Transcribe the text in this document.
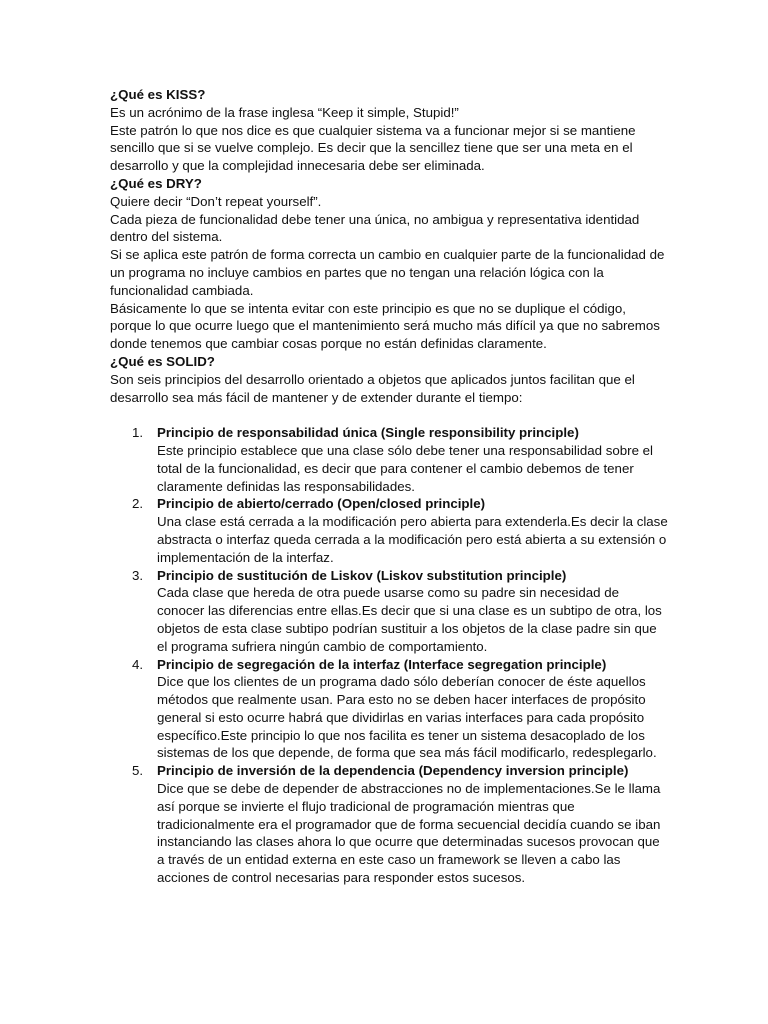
¿Qué es KISS?

Es un acrónimo de la frase inglesa “Keep it simple, Stupid!”

Este patrón lo que nos dice es que cualquier sistema va a funcionar mejor si se mantiene sencillo que si se vuelve complejo. Es decir que la sencillez tiene que ser una meta en el desarrollo y que la complejidad innecesaria debe ser eliminada.

¿Qué es DRY?

Quiere decir “Don’t repeat yourself”.

Cada pieza de funcionalidad debe tener una única, no ambigua y representativa identidad dentro del sistema.

Si se aplica este patrón de forma correcta un cambio en cualquier parte de la funcionalidad de un programa no incluye cambios en partes que no tengan una relación lógica con la funcionalidad cambiada.

Básicamente lo que se intenta evitar con este principio es que no se duplique el código, porque lo que ocurre luego que el mantenimiento será mucho más difícil ya que no sabremos donde tenemos que cambiar cosas porque no están definidas claramente.

¿Qué es SOLID?

Son seis principios del desarrollo orientado a objetos que aplicados juntos facilitan que el desarrollo sea más fácil de mantener y de extender durante el tiempo:

1. Principio de responsabilidad única (Single responsibility principle)
Este principio establece que una clase sólo debe tener una responsabilidad sobre el total de la funcionalidad, es decir que para contener el cambio debemos de tener claramente definidas las responsabilidades.
2. Principio de abierto/cerrado (Open/closed principle)
Una clase está cerrada a la modificación pero abierta para extenderla.Es decir la clase abstracta o interfaz queda cerrada a la modificación pero está abierta a su extensión o implementación de la interfaz.
3. Principio de sustitución de Liskov (Liskov substitution principle)
Cada clase que hereda de otra puede usarse como su padre sin necesidad de conocer las diferencias entre ellas.Es decir que si una clase es un subtipo de otra, los objetos de esta clase subtipo podrían sustituir a los objetos de la clase padre sin que el programa sufriera ningún cambio de comportamiento.
4. Principio de segregación de la interfaz (Interface segregation principle)
Dice que los clientes de un programa dado sólo deberían conocer de éste aquellos métodos que realmente usan. Para esto no se deben hacer interfaces de propósito general si esto ocurre habrá que dividirlas en varias interfaces para cada propósito específico.Este principio lo que nos facilita es tener un sistema desacoplado de los sistemas de los que depende, de forma que sea más fácil modificarlo, redesplegarlo.
5. Principio de inversión de la dependencia (Dependency inversion principle)
Dice que se debe de depender de abstracciones no de implementaciones.Se le llama así porque se invierte el flujo tradicional de programación mientras que tradicionalmente era el programador que de forma secuencial decidía cuando se iban instanciando las clases ahora lo que ocurre que determinadas sucesos provocan que a través de un entidad externa en este caso un framework se lleven a cabo las acciones de control necesarias para responder estos sucesos.
